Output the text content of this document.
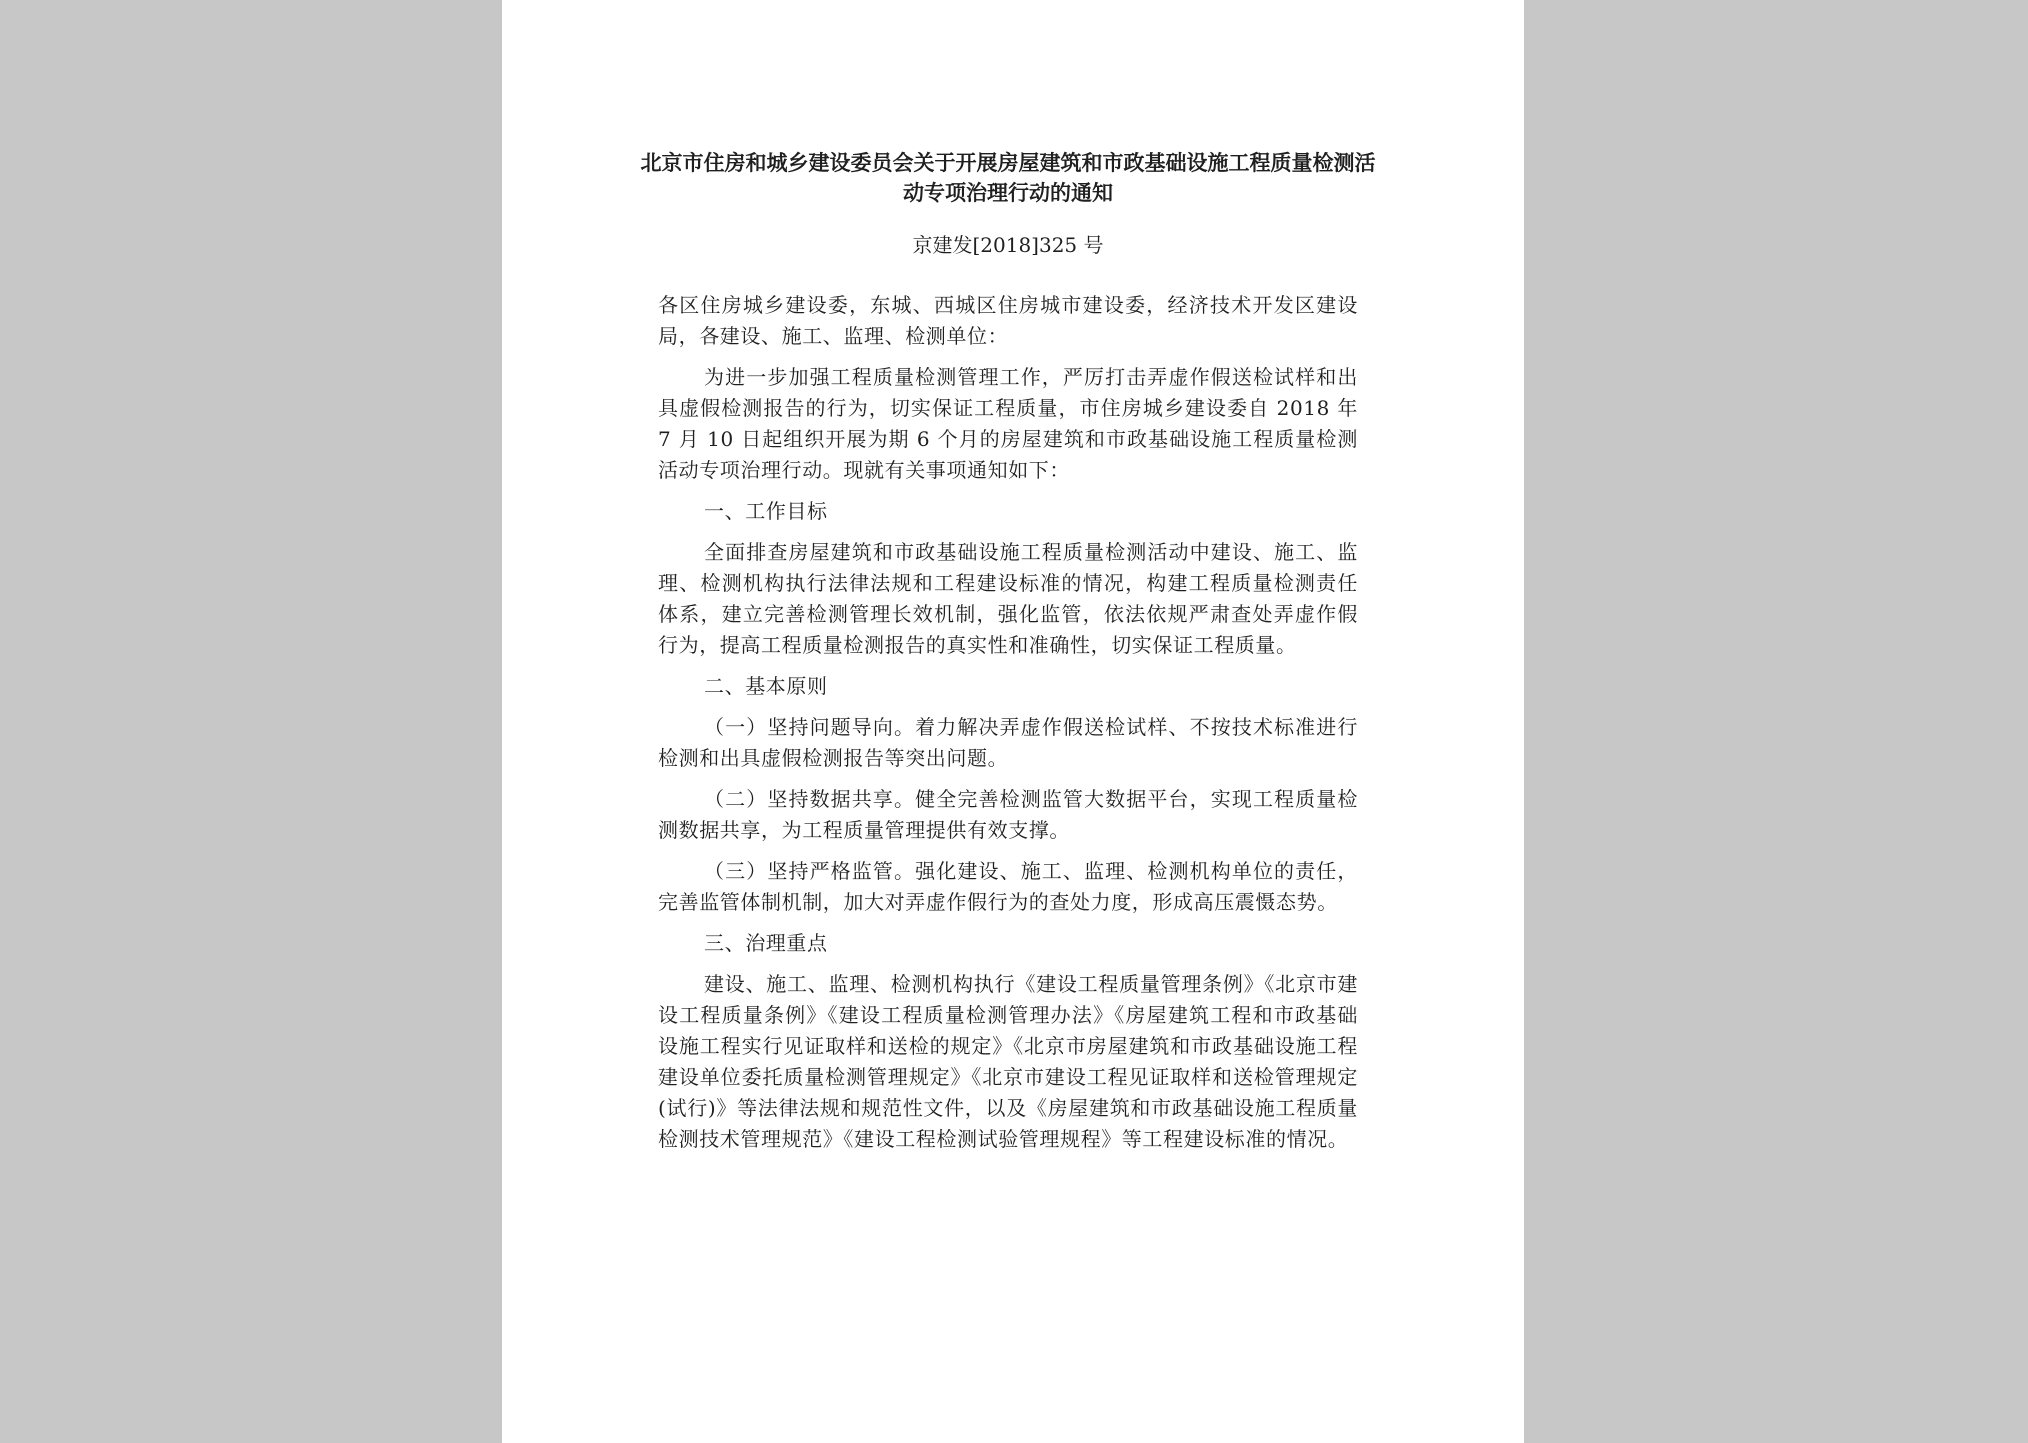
北京市住房和城乡建设委员会关于开展房屋建筑和市政基础设施工程质量检测活动专项治理行动的通知
京建发[2018]325 号

各区住房城乡建设委，东城、西城区住房城市建设委，经济技术开发区建设局，各建设、施工、监理、检测单位：

为进一步加强工程质量检测管理工作，严厉打击弄虚作假送检试样和出具虚假检测报告的行为，切实保证工程质量，市住房城乡建设委自 2018 年 7 月 10 日起组织开展为期 6 个月的房屋建筑和市政基础设施工程质量检测活动专项治理行动。现就有关事项通知如下：

一、工作目标

全面排查房屋建筑和市政基础设施工程质量检测活动中建设、施工、监理、检测机构执行法律法规和工程建设标准的情况，构建工程质量检测责任体系，建立完善检测管理长效机制，强化监管，依法依规严肃查处弄虚作假行为，提高工程质量检测报告的真实性和准确性，切实保证工程质量。

二、基本原则

（一）坚持问题导向。着力解决弄虚作假送检试样、不按技术标准进行检测和出具虚假检测报告等突出问题。

（二）坚持数据共享。健全完善检测监管大数据平台，实现工程质量检测数据共享，为工程质量管理提供有效支撑。

（三）坚持严格监管。强化建设、施工、监理、检测机构单位的责任，完善监管体制机制，加大对弄虚作假行为的查处力度，形成高压震慑态势。

三、治理重点

建设、施工、监理、检测机构执行《建设工程质量管理条例》《北京市建设工程质量条例》《建设工程质量检测管理办法》《房屋建筑工程和市政基础设施工程实行见证取样和送检的规定》《北京市房屋建筑和市政基础设施工程建设单位委托质量检测管理规定》《北京市建设工程见证取样和送检管理规定(试行)》等法律法规和规范性文件，以及《房屋建筑和市政基础设施工程质量检测技术管理规范》《建设工程检测试验管理规程》等工程建设标准的情况。
